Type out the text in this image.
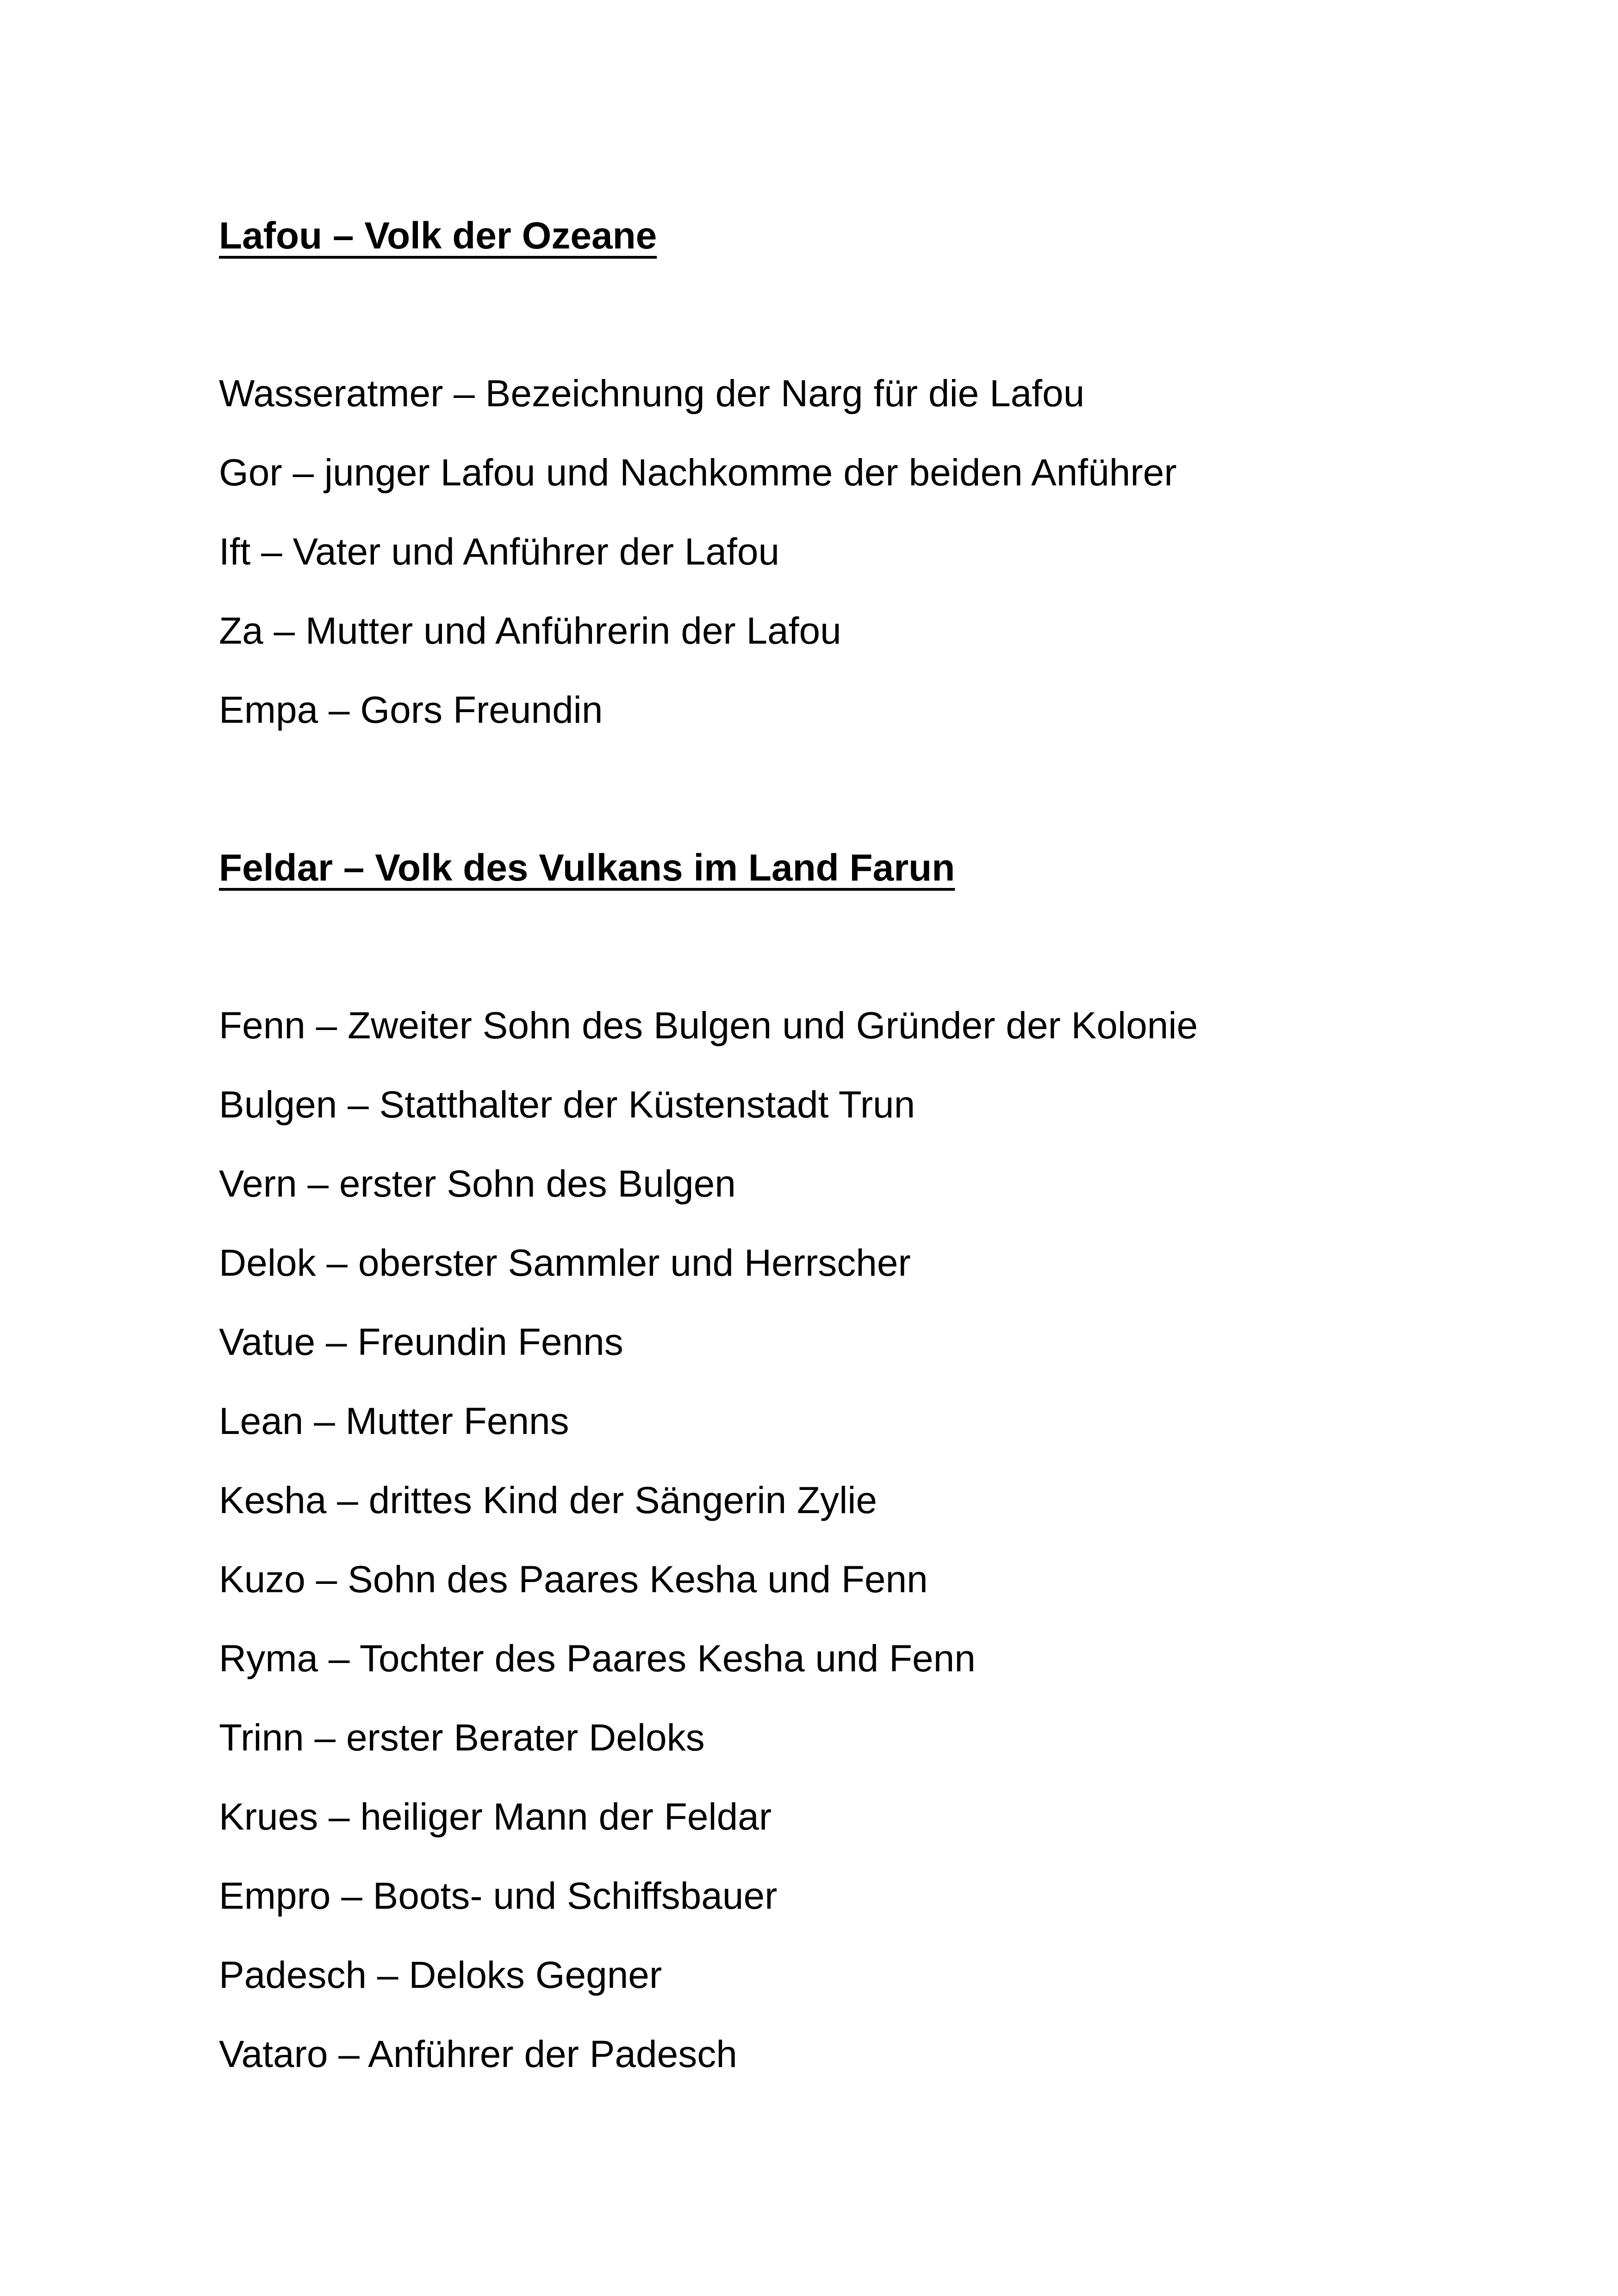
Lafou – Volk der Ozeane
Wasseratmer – Bezeichnung der Narg für die Lafou
Gor – junger Lafou und Nachkomme der beiden Anführer
Ift – Vater und Anführer der Lafou
Za – Mutter und Anführerin der Lafou
Empa – Gors Freundin
Feldar – Volk des Vulkans im Land Farun
Fenn – Zweiter Sohn des Bulgen und Gründer der Kolonie
Bulgen – Statthalter der Küstenstadt Trun
Vern – erster Sohn des Bulgen
Delok – oberster Sammler und Herrscher
Vatue – Freundin Fenns
Lean – Mutter Fenns
Kesha – drittes Kind der Sängerin Zylie
Kuzo – Sohn des Paares Kesha und Fenn
Ryma – Tochter des Paares Kesha und Fenn
Trinn – erster Berater Deloks
Krues – heiliger Mann der Feldar
Empro – Boots- und Schiffsbauer
Padesch – Deloks Gegner
Vataro – Anführer der Padesch
